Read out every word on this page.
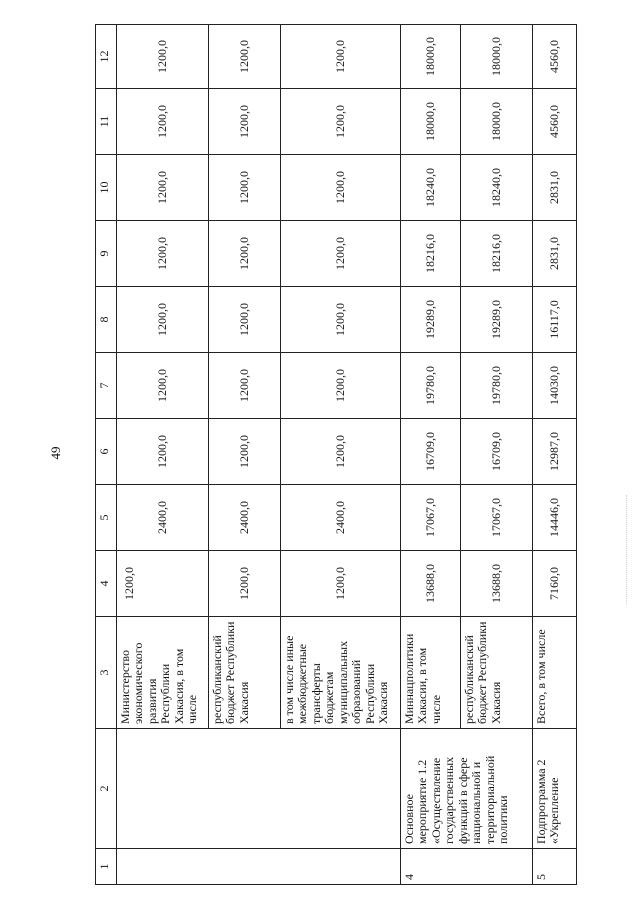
49
1	2	3	4	5	6	7	8	9	10	11	12
		Министерство экономического развития Республики Хакасия, в том числе	1200,0	2400,0	1200,0	1200,0	1200,0	1200,0	1200,0	1200,0	1200,0
		республиканский бюджет Республики Хакасия	1200,0	2400,0	1200,0	1200,0	1200,0	1200,0	1200,0	1200,0	1200,0
		в том числе иные межбюджетные трансферты бюджетам муниципальных образований Республики Хакасия	1200,0	2400,0	1200,0	1200,0	1200,0	1200,0	1200,0	1200,0	1200,0
4	Основное мероприятие 1.2 «Осуществление государственных функций в сфере национальной и территориальной политики	Миннацполитики Хакасии, в том числе	13688,0	17067,0	16709,0	19780,0	19289,0	18216,0	18240,0	18000,0	18000,0
		республиканский бюджет Республики Хакасия	13688,0	17067,0	16709,0	19780,0	19289,0	18216,0	18240,0	18000,0	18000,0
5	Подпрограмма 2 «Укрепление	Всего, в том числе	7160,0	14446,0	12987,0	14030,0	16117,0	2831,0	2831,0	4560,0	4560,0
